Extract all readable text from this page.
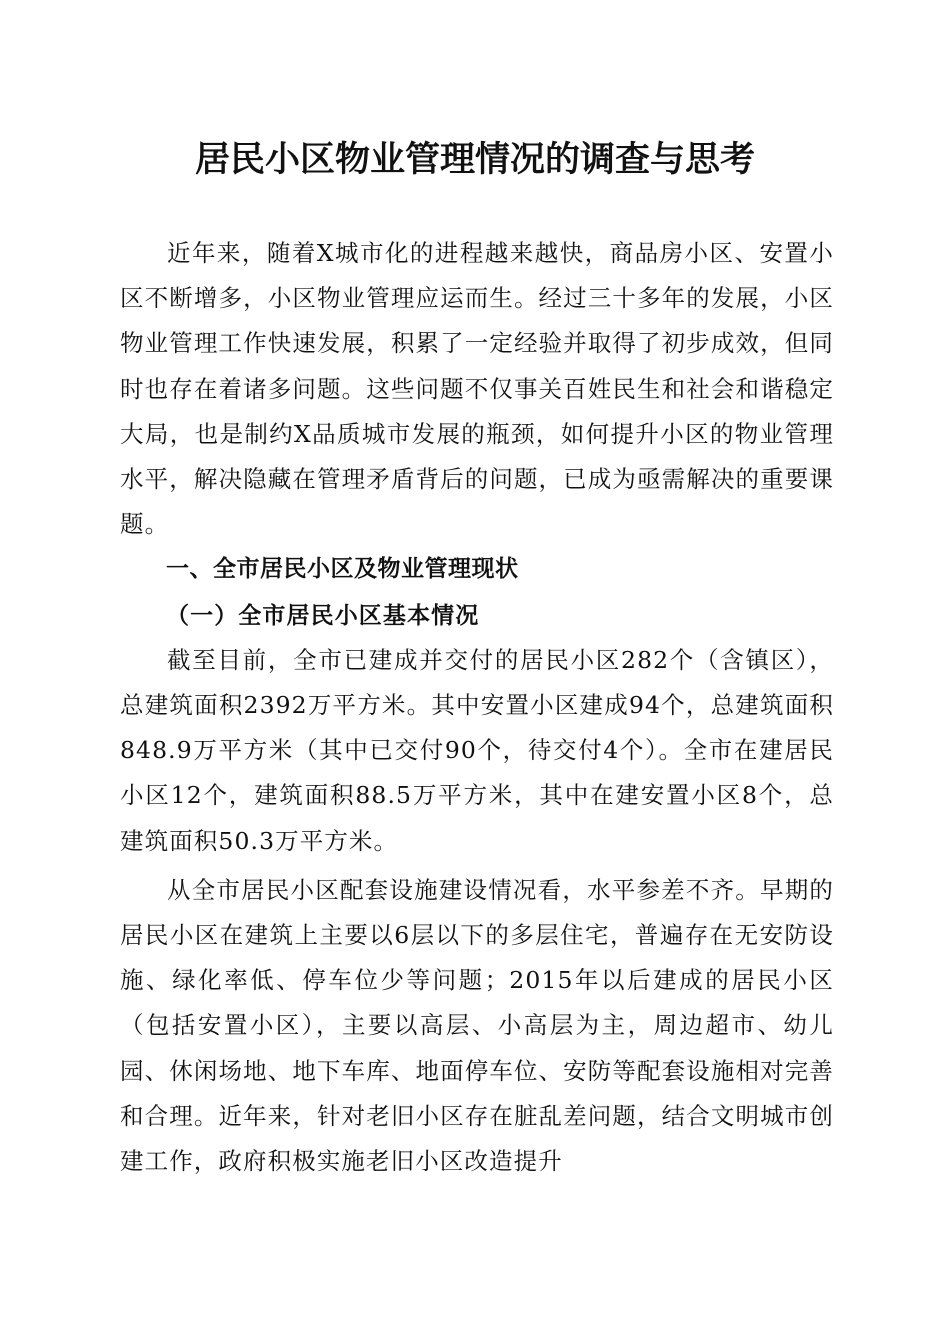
居民小区物业管理情况的调查与思考

近年来，随着X城市化的进程越来越快，商品房小区、安置小区不断增多，小区物业管理应运而生。经过三十多年的发展，小区物业管理工作快速发展，积累了一定经验并取得了初步成效，但同时也存在着诸多问题。这些问题不仅事关百姓民生和社会和谐稳定大局，也是制约X品质城市发展的瓶颈，如何提升小区的物业管理水平，解决隐藏在管理矛盾背后的问题，已成为亟需解决的重要课题。

一、全市居民小区及物业管理现状

（一）全市居民小区基本情况

截至目前，全市已建成并交付的居民小区282个（含镇区），总建筑面积2392万平方米。其中安置小区建成94个，总建筑面积848.9万平方米（其中已交付90个，待交付4个）。全市在建居民小区12个，建筑面积88.5万平方米，其中在建安置小区8个，总建筑面积50.3万平方米。

从全市居民小区配套设施建设情况看，水平参差不齐。早期的居民小区在建筑上主要以6层以下的多层住宅，普遍存在无安防设施、绿化率低、停车位少等问题；2015年以后建成的居民小区（包括安置小区），主要以高层、小高层为主，周边超市、幼儿园、休闲场地、地下车库、地面停车位、安防等配套设施相对完善和合理。近年来，针对老旧小区存在脏乱差问题，结合文明城市创建工作，政府积极实施老旧小区改造提升
